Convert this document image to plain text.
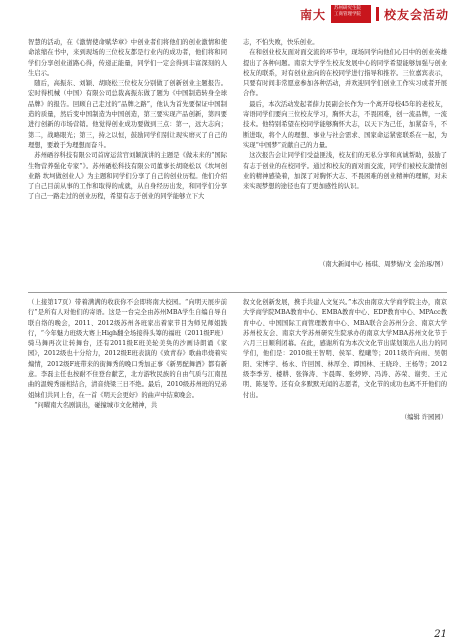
南大	苏州研究生院
工商管理学院	校友会活动

智慧的活动，在《激情使命赋华章》中创业者们将他们的创业激情和使命浓缩在书中，来到现场的三位校友都是行业内的成功者，他们将和同学们分享创业道路心得，传递正能量，同学们一定会得到丰富深刻的人生启示。

随后，高振东、刘颖、胡晓松三位校友分别做了创新创业主题报告。宏时得机械（中国）有限公司总裁高振东做了题为《中国制造转身全球品牌》的报告。回顾自己走过的“品牌之路”，他认为首先要保证中国制造的质量，然后变中国制造为中国创造，第三要实现产品创新，第四要进行创新的市场营销。他觉得创业成功要做到三点：第一，远大志向；第二，战略眼光；第三，持之以恒，鼓励同学们别让现实磨灭了自己的理想，要敢于为理想而奋斗。

苏州硒谷科技有限公司首席运营官刘颖演讲的主题是《做未来的“国际生物营养强化专家”》。苏州硒松科技有限公司董事长胡晓松以《坎坷创业路 坎坷做创业人》为主题和同学们分享了自己的创业历程。他们介绍了自己目前从事的工作和取得的成就，从自身经历出发，和同学们分享了自己一路走过的创业历程，希望有志于创业的同学能够立下大

志，不怕失败，快乐创业。

在和创业校友面对面交流的环节中，现场同学向他们心目中的创业英雄提出了各种问题。南京大学学生校友发展中心的同学希望能够加强与创业校友的联系，对有创业意向的在校同学进行指导和推荐。三位嘉宾表示，只要有时间非常愿意参加各种活动，并欢迎同学们创业工作实习或者开展合作。

最后，本次活动发起者薛力民副会长作为一个离开母校45年的老校友，寄语同学们要向三位校友学习，胸怀大志，不畏困难，创一流品牌，一流技术。他特别希望在校同学能够胸怀大志，以天下为己任，加紧奋斗，不断进取，将个人的理想、事业与社会需求、国家命运紧密联系在一起，为实现“中国梦”贡献自己的力量。

这次报告会让同学们受益匪浅，校友们的无私分享和真诚帮助，鼓励了有志于创业的在校同学。通过和校友的面对面交流，同学们被校友激情创业的精神感染着，加深了对胸怀大志、不畏困难的创业精神的理解，对未来实现梦想的途径也有了更加感性的认识。

（南大新闻中心 杨琪、周梦婧/文 金治琢/图）

（上接第17页）带着满满的收获你不会即将南大校园。“向明天展步前行”是所有人对他们的寄语。这是一台完全由苏州MBA学生自编自导自联自络的晚会，2011、2012级苏州各班家出着家节目为师兄师姐践行，“今年魅力班级大赛上High翻全场接得头筹的福班（2011级F班）骑马舞再次让转舞台，还有2011级E班美轮美奂的沙画诗朗诵《家园》，2012级也十分给力，2012级E班表演的《致青春》歌曲串烧着实煽情，2012级F班带来的街舞秀的晚口秀加正事《新男配舞酒》都有新意。李磊主任也按耐不住登台献艺，北方游牧民族的自由气质与江南昆曲的温婉秀丽相结合，清音绕梁三日不绝。最后，2010级苏州班的兄弟姐妹们共同上台，在一首《明天会更好》的曲声中结束晚会。

“问曜南大名剧演出，碰撞城市文化精神，共

叙文化创新发展，携手共建人文复兴。”本次由南京大学商学院主办，南京大学商学院MBA教育中心、EMBA教育中心、EDP教育中心、MPAcc教育中心、中国国际工商管理教育中心、MBA联合会苏州分会、南京大学苏州校友会、南京大学苏州研究生院承办的南京大学MBA苏州文化节于六月三日顺利闭幕。在此，感谢所有为本次文化节出谋划策出人出力的同学们，他们是：2010级王智明、侯军、程曦等；2011级许向雨、吴朝阳、宋博宇、杨永、许回国、林厚全、谭国林、王晓玲、王杨等；2012级李季芳、楼耕、张锋涛、卞晨晖、张婷婷、冯涛、苏荣、谢奕、王元明、陈旻等。还有众多默默无闻的志愿者，文化节的成功也离不开他们的付出。

（编辑 许园园）

21
